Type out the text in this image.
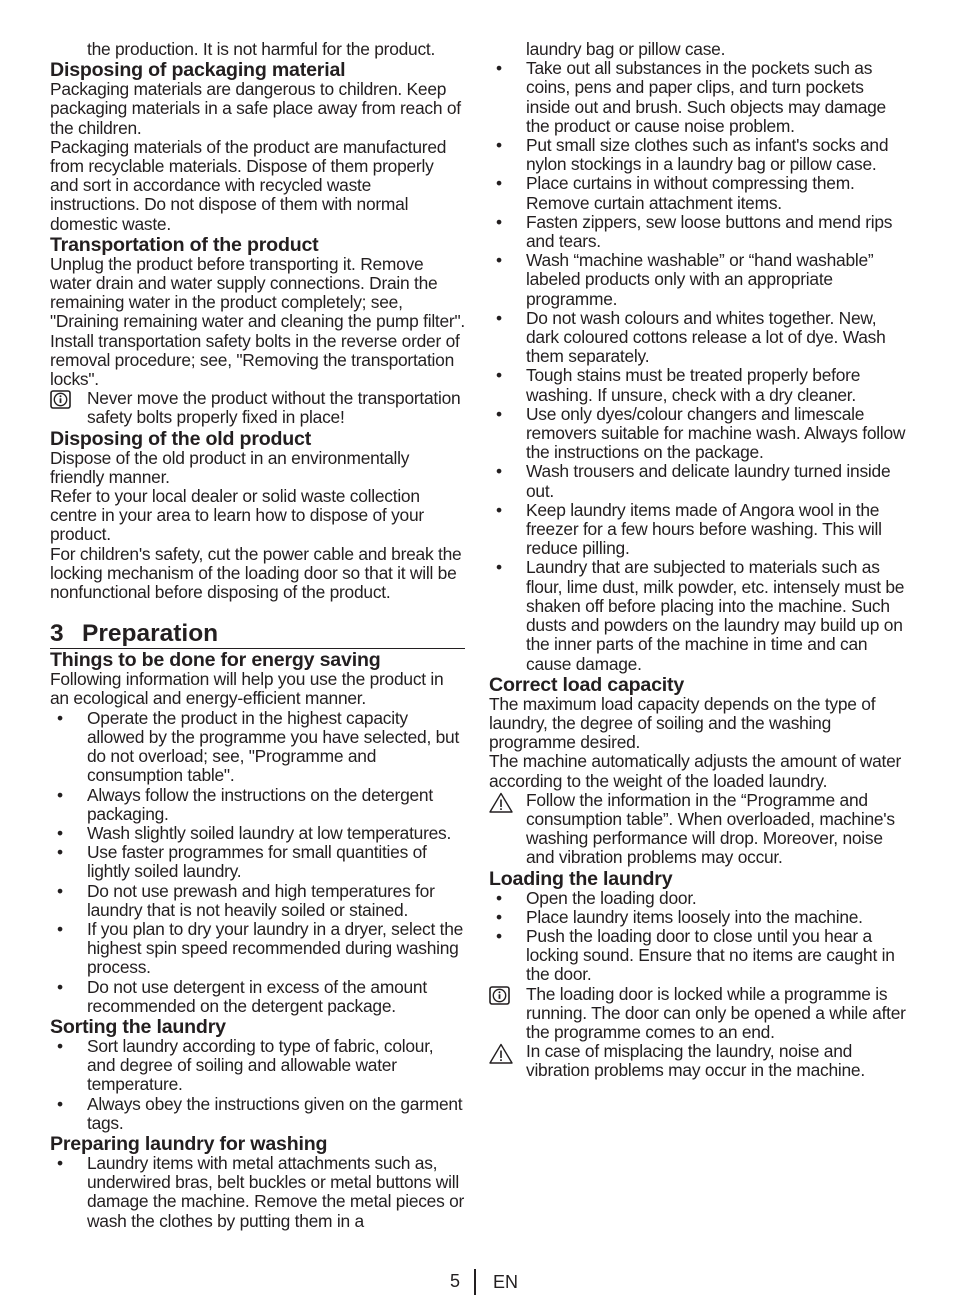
the production. It is not harmful for the product.

Disposing of packaging material

Packaging materials are dangerous to children. Keep packaging materials in a safe place away from reach of the children.

Packaging materials of the product are manufactured from recyclable materials. Dispose of them properly and sort in accordance with recycled waste instructions. Do not dispose of them with normal domestic waste.

Transportation of the product

Unplug the product before transporting it. Remove water drain and water supply connections. Drain the remaining water in the product completely; see, "Draining remaining water and cleaning the pump filter". Install transportation safety bolts in the reverse order of removal procedure; see, "Removing the transportation locks".

Never move the product without the transportation safety bolts properly fixed in place!

Disposing of the old product

Dispose of the old product in an environmentally friendly manner.

Refer to your local dealer or solid waste collection centre in your area to learn how to dispose of your product.

For children's safety, cut the power cable and break the locking mechanism of the loading door so that it will be nonfunctional before disposing of the product.

3 Preparation
Things to be done for energy saving

Following information will help you use the product in an ecological and energy-efficient manner.

•	Operate the product in the highest capacity allowed by the programme you have selected, but do not overload; see, "Programme and consumption table".
•	Always follow the instructions on the detergent packaging.
•	Wash slightly soiled laundry at low temperatures.
•	Use faster programmes for small quantities of lightly soiled laundry.
•	Do not use prewash and high temperatures for laundry that is not heavily soiled or stained.
•	If you plan to dry your laundry in a dryer, select the highest spin speed recommended during washing process.
•	Do not use detergent in excess of the amount recommended on the detergent package.
Sorting the laundry
•	Sort laundry according to type of fabric, colour, and degree of soiling and allowable water temperature.
•	Always obey the instructions given on the garment tags.
Preparing laundry for washing
•	Laundry items with metal attachments such as, underwired bras, belt buckles or metal buttons will damage the machine. Remove the metal pieces or wash the clothes by putting them in a

laundry bag or pillow case.

•	Take out all substances in the pockets such as coins, pens and paper clips, and turn pockets inside out and brush. Such objects may damage the product or cause noise problem.
•	Put small size clothes such as infant's socks and nylon stockings in a laundry bag or pillow case.
•	Place curtains in without compressing them. Remove curtain attachment items.
•	Fasten zippers, sew loose buttons and mend rips and tears.
•	Wash “machine washable” or “hand washable” labeled products only with an appropriate programme.
•	Do not wash colours and whites together. New, dark coloured cottons release a lot of dye. Wash them separately.
•	Tough stains must be treated properly before washing. If unsure, check with a dry cleaner.
•	Use only dyes/colour changers and limescale removers suitable for machine wash. Always follow the instructions on the package.
•	Wash trousers and delicate laundry turned inside out.
•	Keep laundry items made of Angora wool in the freezer for a few hours before washing. This will reduce pilling.
•	Laundry that are subjected to materials such as flour, lime dust, milk powder, etc. intensely must be shaken off before placing into the machine. Such dusts and powders on the laundry may build up on the inner parts of the machine in time and can cause damage.
Correct load capacity

The maximum load capacity depends on the type of laundry, the degree of soiling and the washing programme desired.

The machine automatically adjusts the amount of water according to the weight of the loaded laundry.

Follow the information in the “Programme and consumption table”. When overloaded, machine's washing performance will drop. Moreover, noise and vibration problems may occur.

Loading the laundry
•	Open the loading door.
•	Place laundry items loosely into the machine.
•	Push the loading door to close until you hear a locking sound. Ensure that no items are caught in the door.

The loading door is locked while a programme is running. The door can only be opened a while after the programme comes to an end.

In case of misplacing the laundry, noise and vibration problems may occur in the machine.

5 EN
